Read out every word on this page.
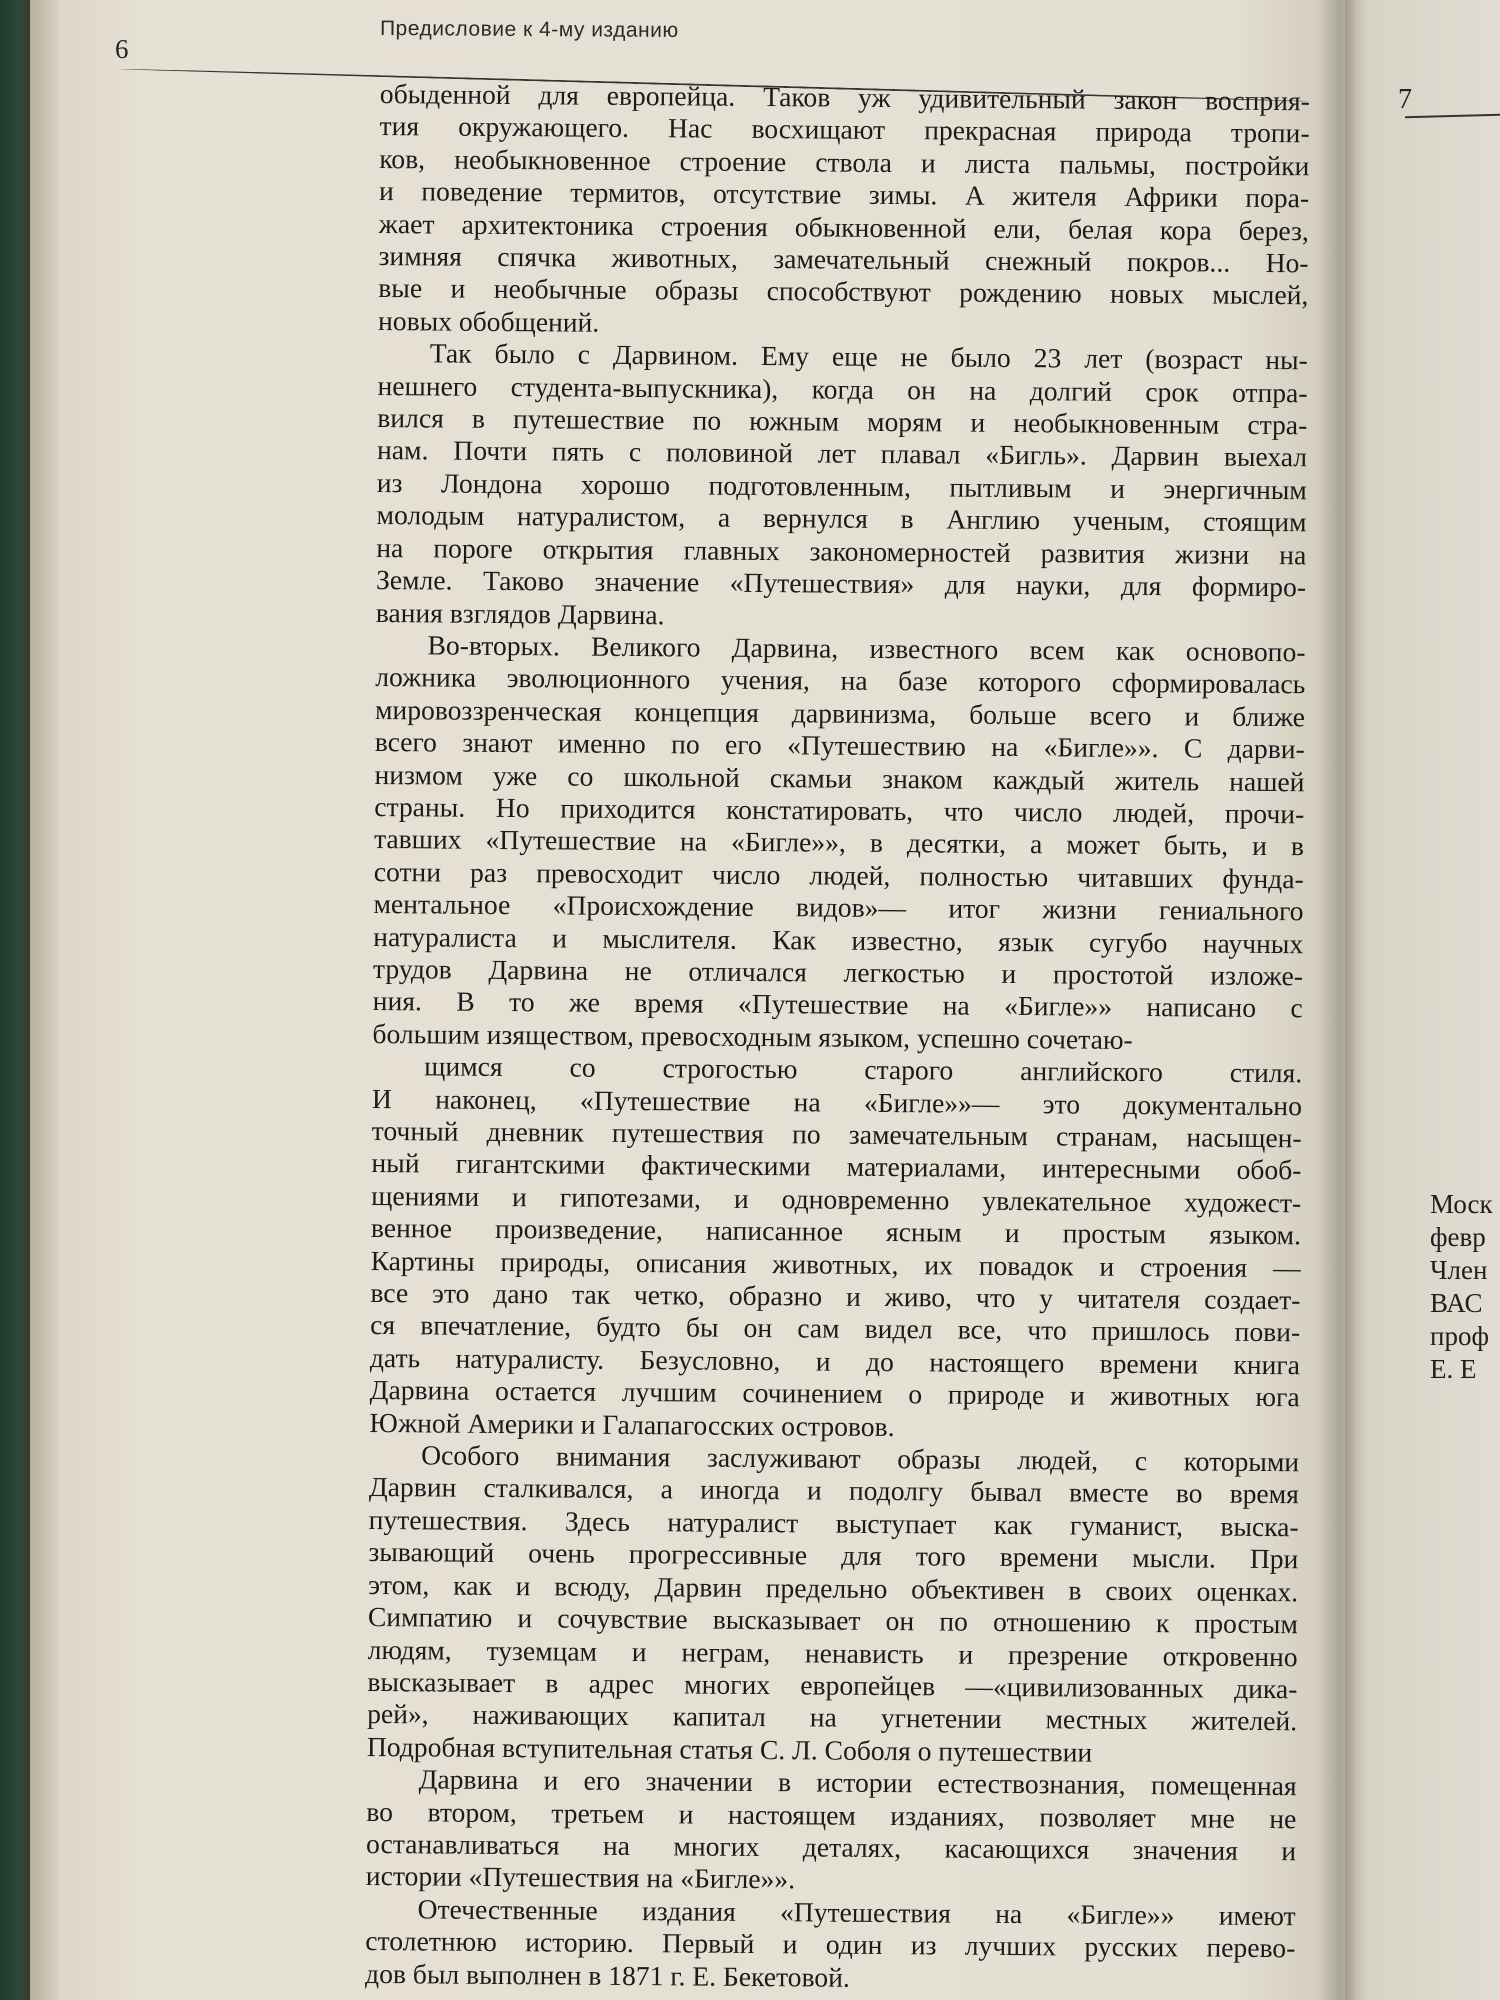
Предисловие к 4-му изданию
6
обыденной для европейца. Таков уж удивительный закон восприя-
тия окружающего. Нас восхищают прекрасная природа тропи-
ков, необыкновенное строение ствола и листа пальмы, постройки
и поведение термитов, отсутствие зимы. А жителя Африки пора-
жает архитектоника строения обыкновенной ели, белая кора берез,
зимняя спячка животных, замечательный снежный покров... Но-
вые и необычные образы способствуют рождению новых мыслей,
новых обобщений.
Так было с Дарвином. Ему еще не было 23 лет (возраст ны-
нешнего студента-выпускника), когда он на долгий срок отпра-
вился в путешествие по южным морям и необыкновенным стра-
нам. Почти пять с половиной лет плавал «Бигль». Дарвин выехал
из Лондона хорошо подготовленным, пытливым и энергичным
молодым натуралистом, а вернулся в Англию ученым, стоящим
на пороге открытия главных закономерностей развития жизни на
Земле. Таково значение «Путешествия» для науки, для формиро-
вания взглядов Дарвина.
Во-вторых. Великого Дарвина, известного всем как основопо-
ложника эволюционного учения, на базе которого сформировалась
мировоззренческая концепция дарвинизма, больше всего и ближе
всего знают именно по его «Путешествию на «Бигле»». С дарви-
низмом уже со школьной скамьи знаком каждый житель нашей
страны. Но приходится констатировать, что число людей, прочи-
тавших «Путешествие на «Бигле»», в десятки, а может быть, и в
сотни раз превосходит число людей, полностью читавших фунда-
ментальное «Происхождение видов»— итог жизни гениального
натуралиста и мыслителя. Как известно, язык сугубо научных
трудов Дарвина не отличался легкостью и простотой изложе-
ния. В то же время «Путешествие на «Бигле»» написано с
большим изяществом, превосходным языком, успешно сочетаю-
щимся со строгостью старого английского стиля.
И наконец, «Путешествие на «Бигле»»— это документально
точный дневник путешествия по замечательным странам, насыщен-
ный гигантскими фактическими материалами, интересными обоб-
щениями и гипотезами, и одновременно увлекательное художест-
венное произведение, написанное ясным и простым языком.
Картины природы, описания животных, их повадок и строения —
все это дано так четко, образно и живо, что у читателя создает-
ся впечатление, будто бы он сам видел все, что пришлось пови-
дать натуралисту. Безусловно, и до настоящего времени книга
Дарвина остается лучшим сочинением о природе и животных юга
Южной Америки и Галапагосских островов.
Особого внимания заслуживают образы людей, с которыми
Дарвин сталкивался, а иногда и подолгу бывал вместе во время
путешествия. Здесь натуралист выступает как гуманист, выска-
зывающий очень прогрессивные для того времени мысли. При
этом, как и всюду, Дарвин предельно объективен в своих оценках.
Симпатию и сочувствие высказывает он по отношению к простым
людям, туземцам и неграм, ненависть и презрение откровенно
высказывает в адрес многих европейцев —«цивилизованных дика-
рей», наживающих капитал на угнетении местных жителей.
Подробная вступительная статья С. Л. Соболя о путешествии
Дарвина и его значении в истории естествознания, помещенная
во втором, третьем и настоящем изданиях, позволяет мне не
останавливаться на многих деталях, касающихся значения и
истории «Путешествия на «Бигле»».
Отечественные издания «Путешествия на «Бигле»» имеют
столетнюю историю. Первый и один из лучших русских перево-
дов был выполнен в 1871 г. Е. Бекетовой.
7
Моск
февр
Член
ВАС
проф
Е. Е
